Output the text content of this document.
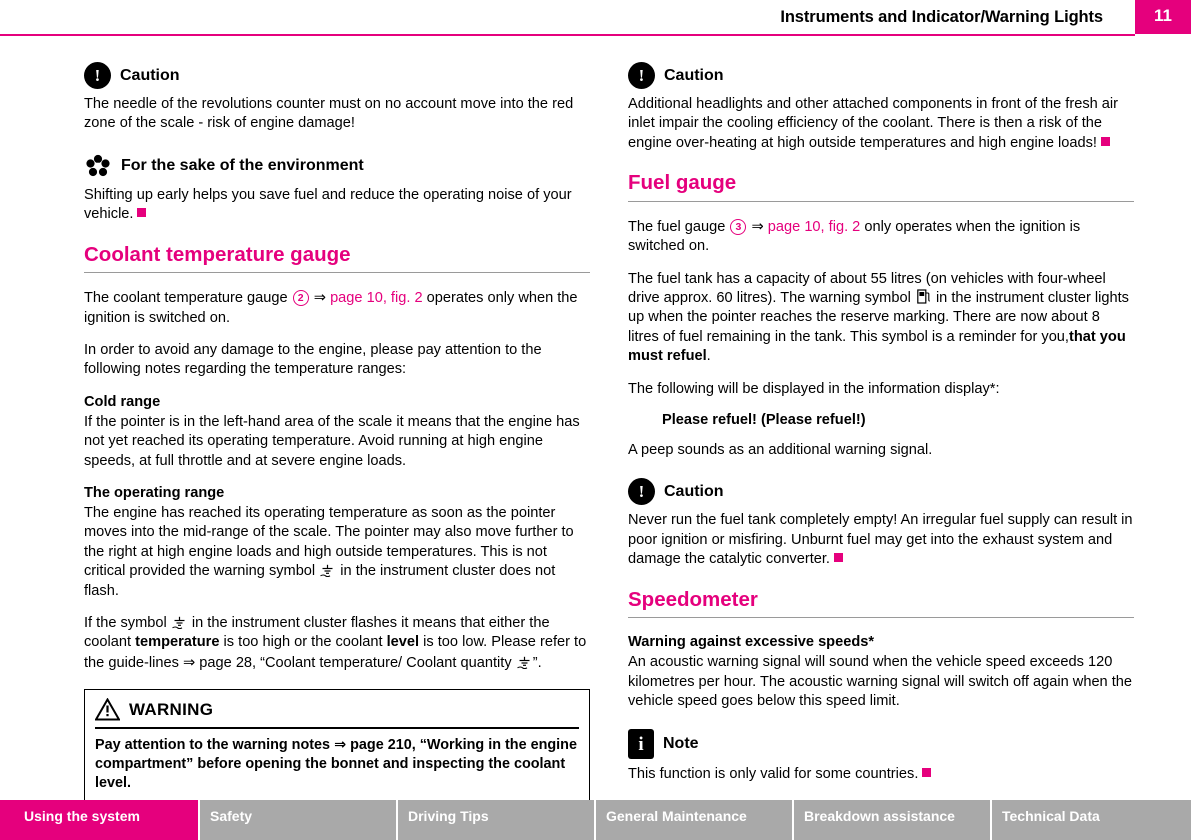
Instruments and Indicator/Warning Lights	11
!	Caution

The needle of the revolutions counter must on no account move into the red zone of the scale - risk of engine damage!

For the sake of the environment

Shifting up early helps you save fuel and reduce the operating noise of your vehicle.

Coolant temperature gauge

The coolant temperature gauge 2 ⇒ page 10, fig. 2 operates only when the ignition is switched on.

In order to avoid any damage to the engine, please pay attention to the following notes regarding the temperature ranges:

Cold range

If the pointer is in the left-hand area of the scale it means that the engine has not yet reached its operating temperature. Avoid running at high engine speeds, at full throttle and at severe engine loads.

The operating range

The engine has reached its operating temperature as soon as the pointer moves into the mid-range of the scale. The pointer may also move further to the right at high engine loads and high outside temperatures. This is not critical provided the warning symbol in the instrument cluster does not flash.

If the symbol in the instrument cluster flashes it means that either the coolant temperature is too high or the coolant level is too low. Please refer to the guide-lines ⇒ page 28, “Coolant temperature/ Coolant quantity ”.

WARNING

Pay attention to the warning notes ⇒ page 210, “Working in the engine compartment” before opening the bonnet and inspecting the coolant level.

!	Caution

Additional headlights and other attached components in front of the fresh air inlet impair the cooling efficiency of the coolant. There is then a risk of the engine over-heating at high outside temperatures and high engine loads!

Fuel gauge

The fuel gauge 3 ⇒ page 10, fig. 2 only operates when the ignition is switched on.

The fuel tank has a capacity of about 55 litres (on vehicles with four-wheel drive approx. 60 litres). The warning symbol in the instrument cluster lights up when the pointer reaches the reserve marking. There are now about 8 litres of fuel remaining in the tank. This symbol is a reminder for you,that you must refuel.

The following will be displayed in the information display*:

Please refuel! (Please refuel!)

A peep sounds as an additional warning signal.

!	Caution

Never run the fuel tank completely empty! An irregular fuel supply can result in poor ignition or misfiring. Unburnt fuel may get into the exhaust system and damage the catalytic converter.

Speedometer
Warning against excessive speeds*

An acoustic warning signal will sound when the vehicle speed exceeds 120 kilometres per hour. The acoustic warning signal will switch off again when the vehicle speed goes below this speed limit.

i	Note

This function is only valid for some countries.

Using the system	Safety	Driving Tips	General Maintenance	Breakdown assistance	Technical Data
